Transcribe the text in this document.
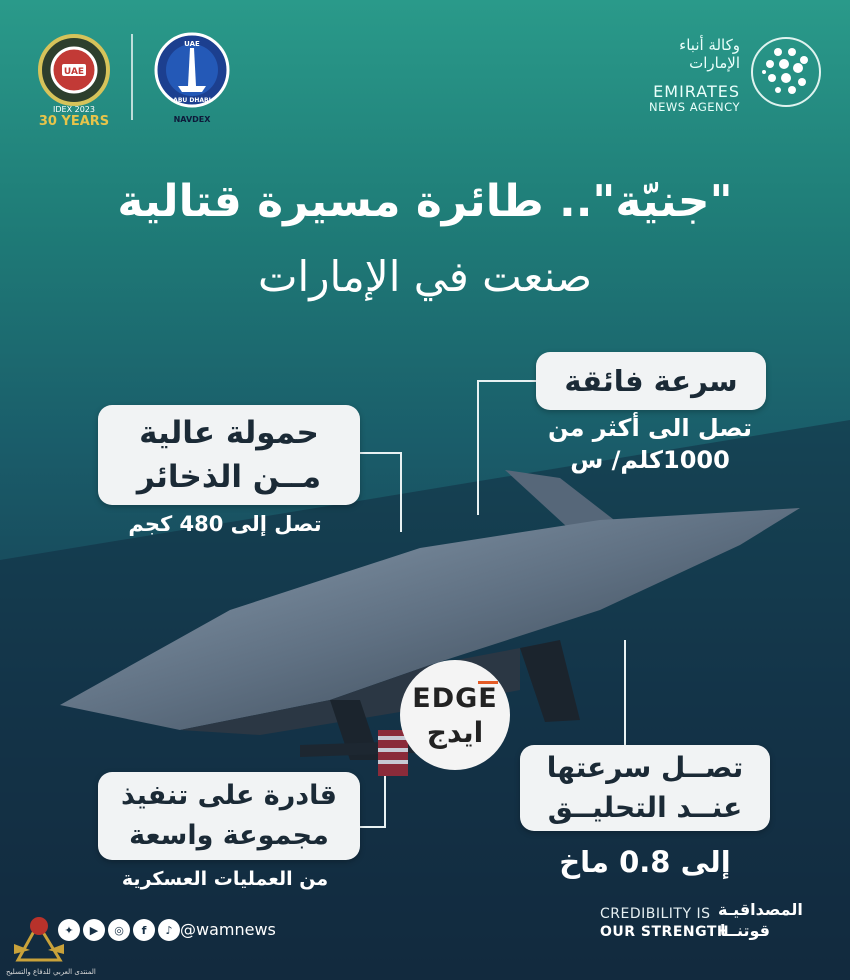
UAE
IDEX 2023
30 YEARS
UAE
ABU DHABI
NAVDEX
وكالة أنباء
الإمارات
EMIRATES
NEWS AGENCY
"جنيّة".. طائرة مسيرة قتالية
صنعت في الإمارات
سرعة فائقة
تصل الى أكثر من
1000كلم/ س
حمولة عالية
مــن الذخائر
تصل إلى 480 كجم
قادرة على تنفيذ
مجموعة واسعة
من العمليات العسكرية
تصــل سرعتها
عنــد التحليــق
إلى 0.8 ماخ
EDGE
ايدج
المنتدى العربي للدفاع والتسليح
✦	▶	◎	f	♪ @wamnews
CREDIBILITY IS
OUR STRENGTH
المصداقيـة
قوتنــا
